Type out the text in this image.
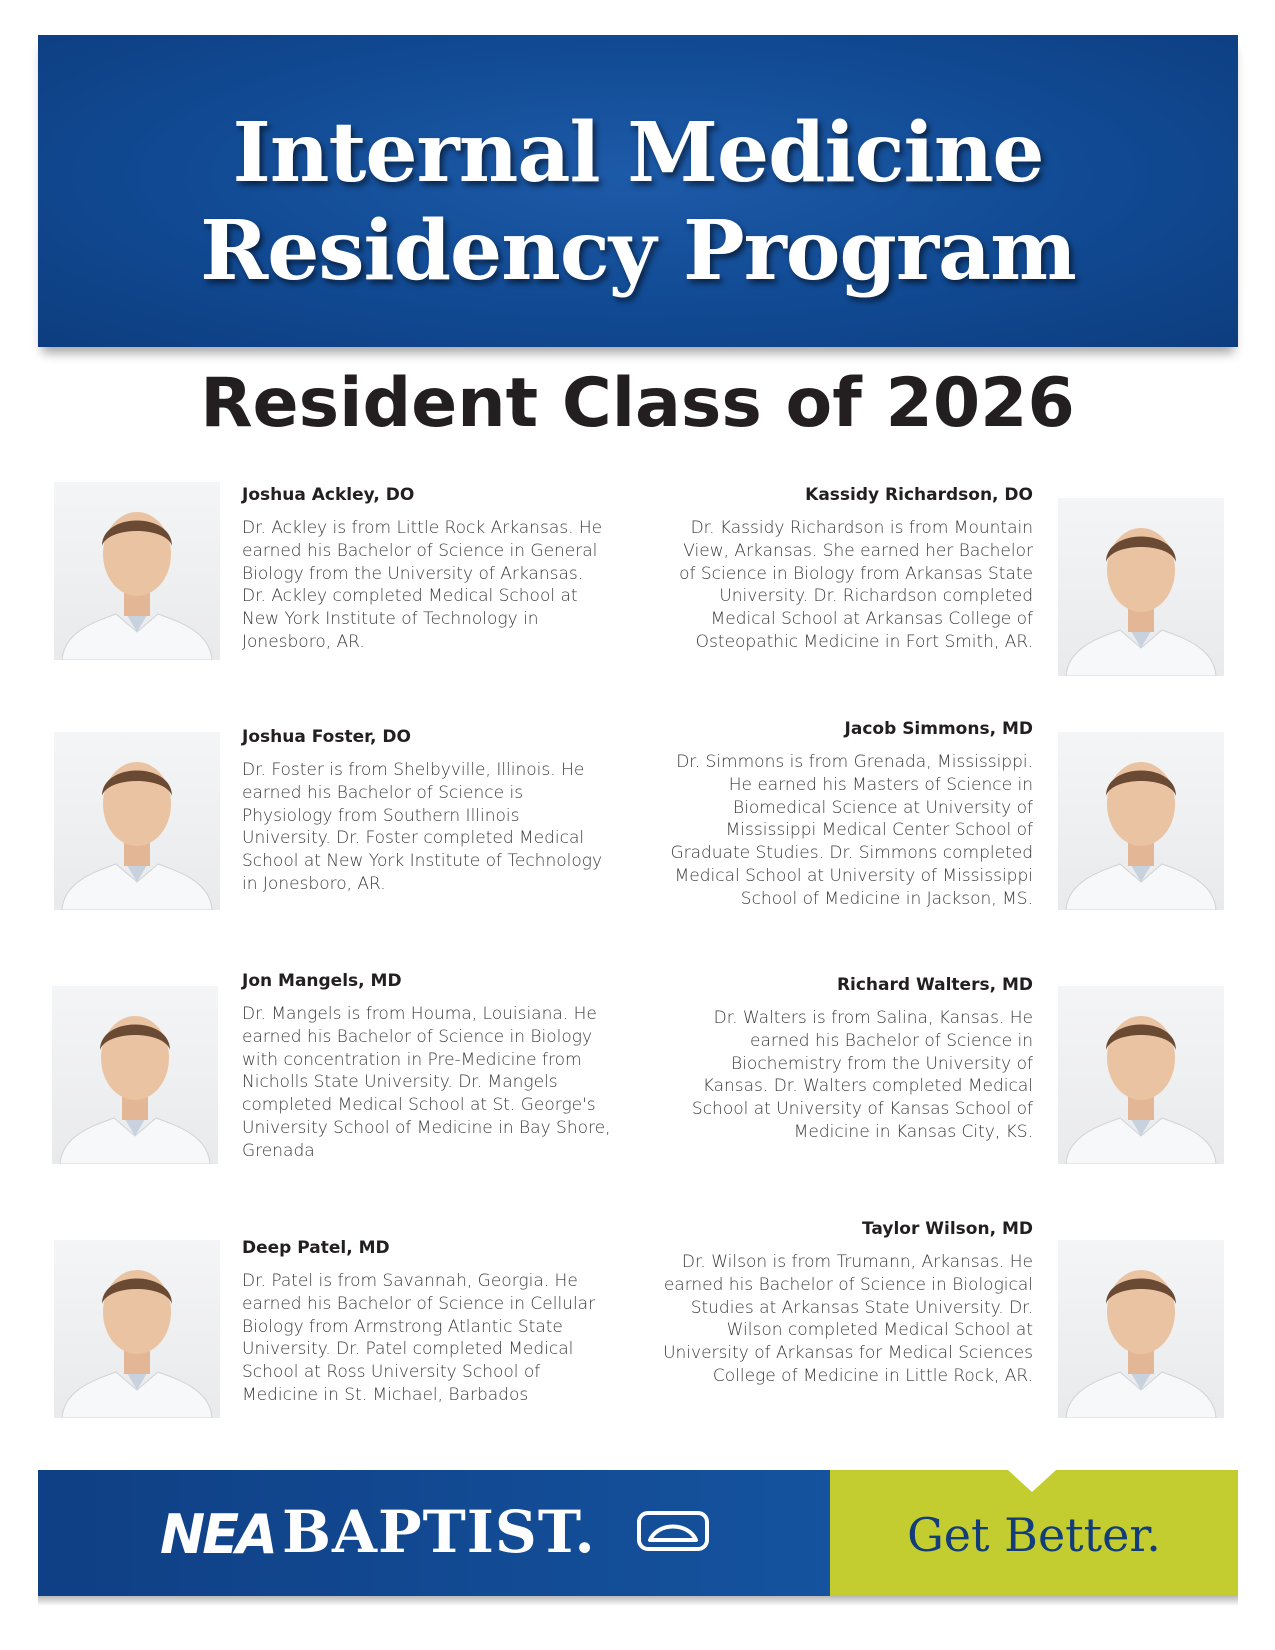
Internal Medicine
Residency Program
Resident Class of 2026

Joshua Ackley, DO

Dr. Ackley is from Little Rock Arkansas. He earned his Bachelor of Science in General Biology from the University of Arkansas. Dr. Ackley completed Medical School at New York Institute of Technology in Jonesboro, AR.

Kassidy Richardson, DO

Dr. Kassidy Richardson is from Mountain View, Arkansas. She earned her Bachelor of Science in Biology from Arkansas State University. Dr. Richardson completed Medical School at Arkansas College of Osteopathic Medicine in Fort Smith, AR.

Joshua Foster, DO

Dr. Foster is from Shelbyville, Illinois. He earned his Bachelor of Science is Physiology from Southern Illinois University. Dr. Foster completed Medical School at New York Institute of Technology in Jonesboro, AR.

Jacob Simmons, MD

Dr. Simmons is from Grenada, Mississippi. He earned his Masters of Science in Biomedical Science at University of Mississippi Medical Center School of Graduate Studies. Dr. Simmons completed Medical School at University of Mississippi School of Medicine in Jackson, MS.

Jon Mangels, MD

Dr. Mangels is from Houma, Louisiana. He earned his Bachelor of Science in Biology with concentration in Pre-Medicine from Nicholls State University. Dr. Mangels completed Medical School at St. George's University School of Medicine in Bay Shore, Grenada

Richard Walters, MD

Dr. Walters is from Salina, Kansas. He earned his Bachelor of Science in Biochemistry from the University of Kansas. Dr. Walters completed Medical School at University of Kansas School of Medicine in Kansas City, KS.

Deep Patel, MD

Dr. Patel is from Savannah, Georgia. He earned his Bachelor of Science in Cellular Biology from Armstrong Atlantic State University. Dr. Patel completed Medical School at Ross University School of Medicine in St. Michael, Barbados

Taylor Wilson, MD

Dr. Wilson is from Trumann, Arkansas. He earned his Bachelor of Science in Biological Studies at Arkansas State University. Dr. Wilson completed Medical School at University of Arkansas for Medical Sciences College of Medicine in Little Rock, AR.

NEA BAPTIST.	Get Better.
